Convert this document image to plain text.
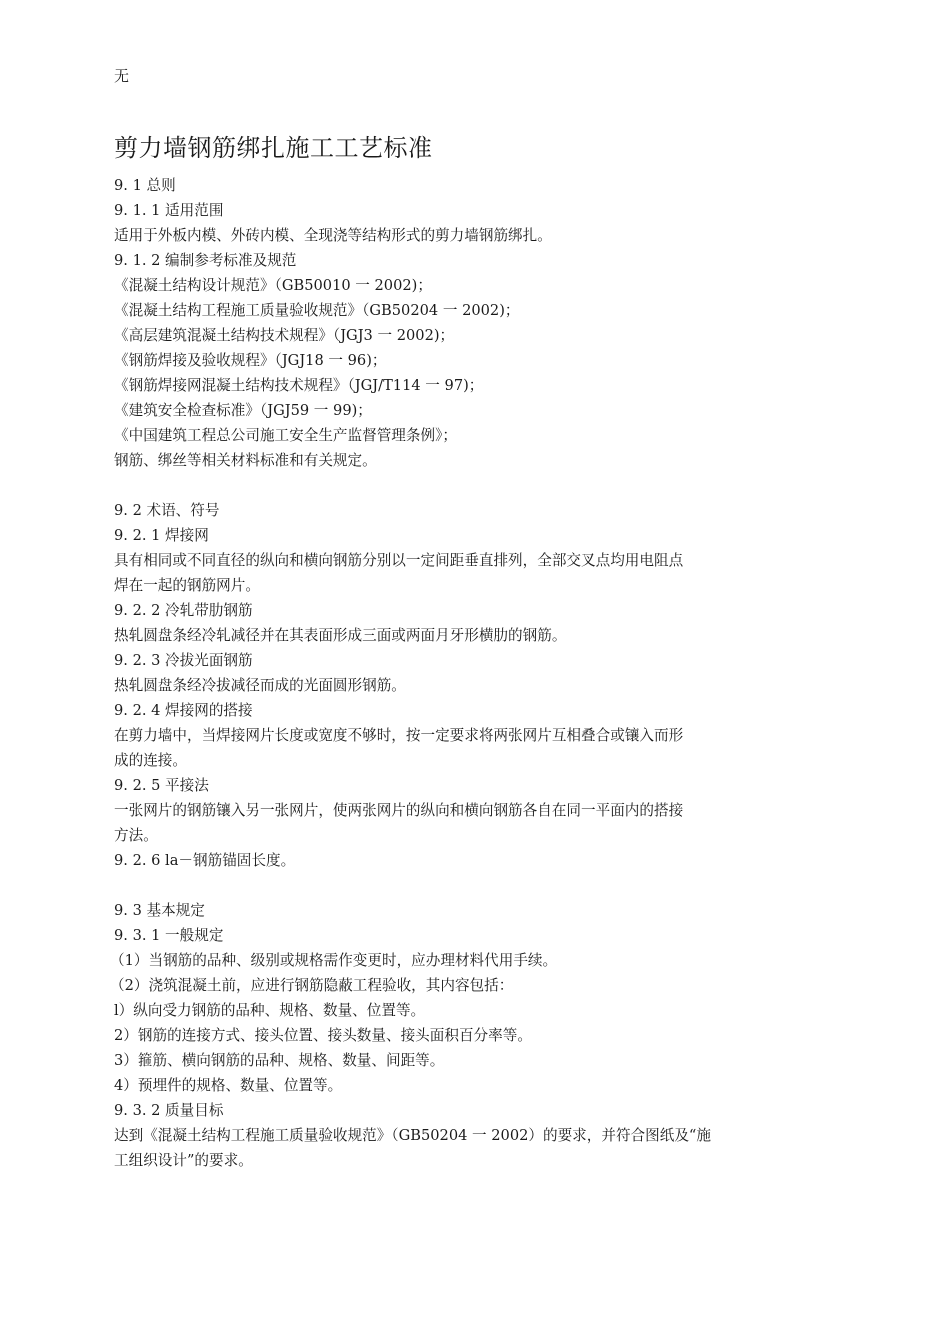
无
剪力墙钢筋绑扎施工工艺标准
9. 1 总则
9. 1. 1 适用范围
适用于外板内模、外砖内模、全现浇等结构形式的剪力墙钢筋绑扎。
9. 1. 2 编制参考标准及规范
《混凝土结构设计规范》（GB50010 一 2002)；
《混凝土结构工程施工质量验收规范》（GB50204 一 2002)；
《高层建筑混凝土结构技术规程》（JGJ3 一 2002)；
《钢筋焊接及验收规程》（JGJ18 一 96)；
《钢筋焊接网混凝土结构技术规程》（JGJ/T114 一 97)；
《建筑安全检查标准》（JGJ59 一 99)；
《中国建筑工程总公司施工安全生产监督管理条例》；
钢筋、绑丝等相关材料标准和有关规定。
9. 2 术语、符号
9. 2. 1 焊接网
具有相同或不同直径的纵向和横向钢筋分别以一定间距垂直排列，全部交叉点均用电阻点
焊在一起的钢筋网片。
9. 2. 2 冷轧带肋钢筋
热轧圆盘条经冷轧减径并在其表面形成三面或两面月牙形横肋的钢筋。
9. 2. 3 冷拔光面钢筋
热轧圆盘条经冷拔减径而成的光面圆形钢筋。
9. 2. 4 焊接网的搭接
在剪力墙中，当焊接网片长度或宽度不够时，按一定要求将两张网片互相叠合或镶入而形
成的连接。
9. 2. 5 平接法
一张网片的钢筋镶入另一张网片，使两张网片的纵向和横向钢筋各自在同一平面内的搭接
方法。
9. 2. 6 la－钢筋锚固长度。
9. 3 基本规定
9. 3. 1 一般规定
（1）当钢筋的品种、级别或规格需作变更时，应办理材料代用手续。
（2）浇筑混凝土前，应进行钢筋隐蔽工程验收，其内容包括：
l）纵向受力钢筋的品种、规格、数量、位置等。
2）钢筋的连接方式、接头位置、接头数量、接头面积百分率等。
3）箍筋、横向钢筋的品种、规格、数量、间距等。
4）预埋件的规格、数量、位置等。
9. 3. 2 质量目标
达到《混凝土结构工程施工质量验收规范》（GB50204 一 2002）的要求，并符合图纸及“施
工组织设计”的要求。
